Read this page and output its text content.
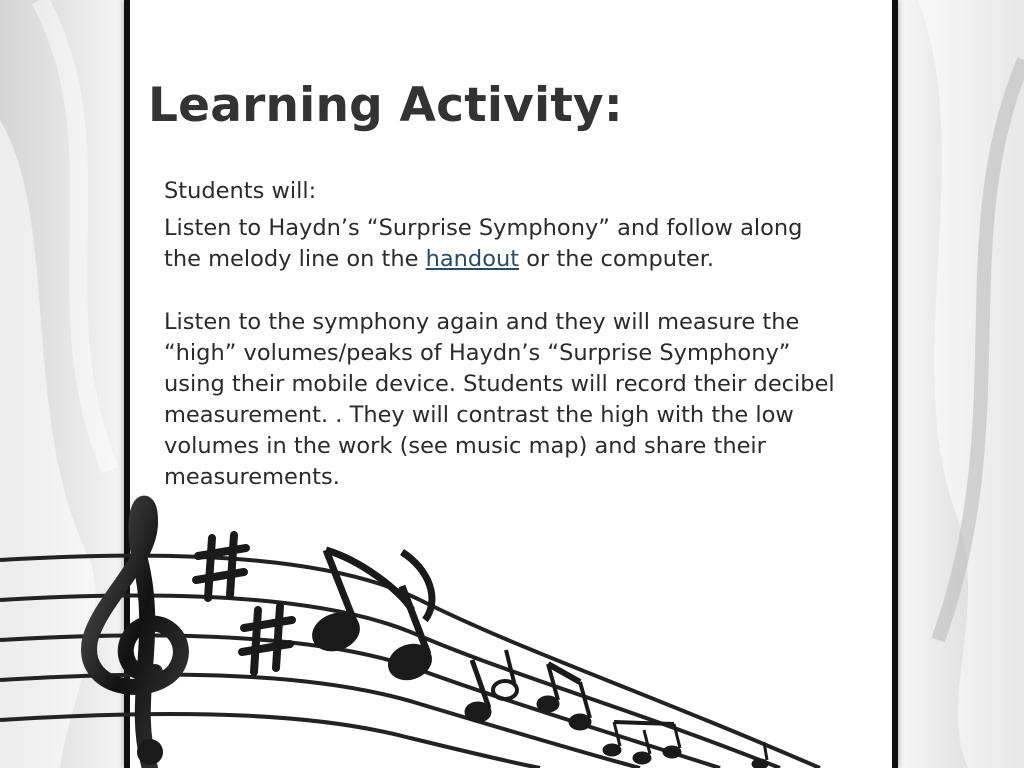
Learning Activity:

Students will:

Listen to Haydn’s “Surprise Symphony” and follow along the melody line on the handout or the computer.

Listen to the symphony again and they will measure the “high” volumes/peaks of Haydn’s “Surprise Symphony” using their mobile device. Students will record their decibel measurement. . They will contrast the high with the low volumes in the work (see music map) and share their measurements.
